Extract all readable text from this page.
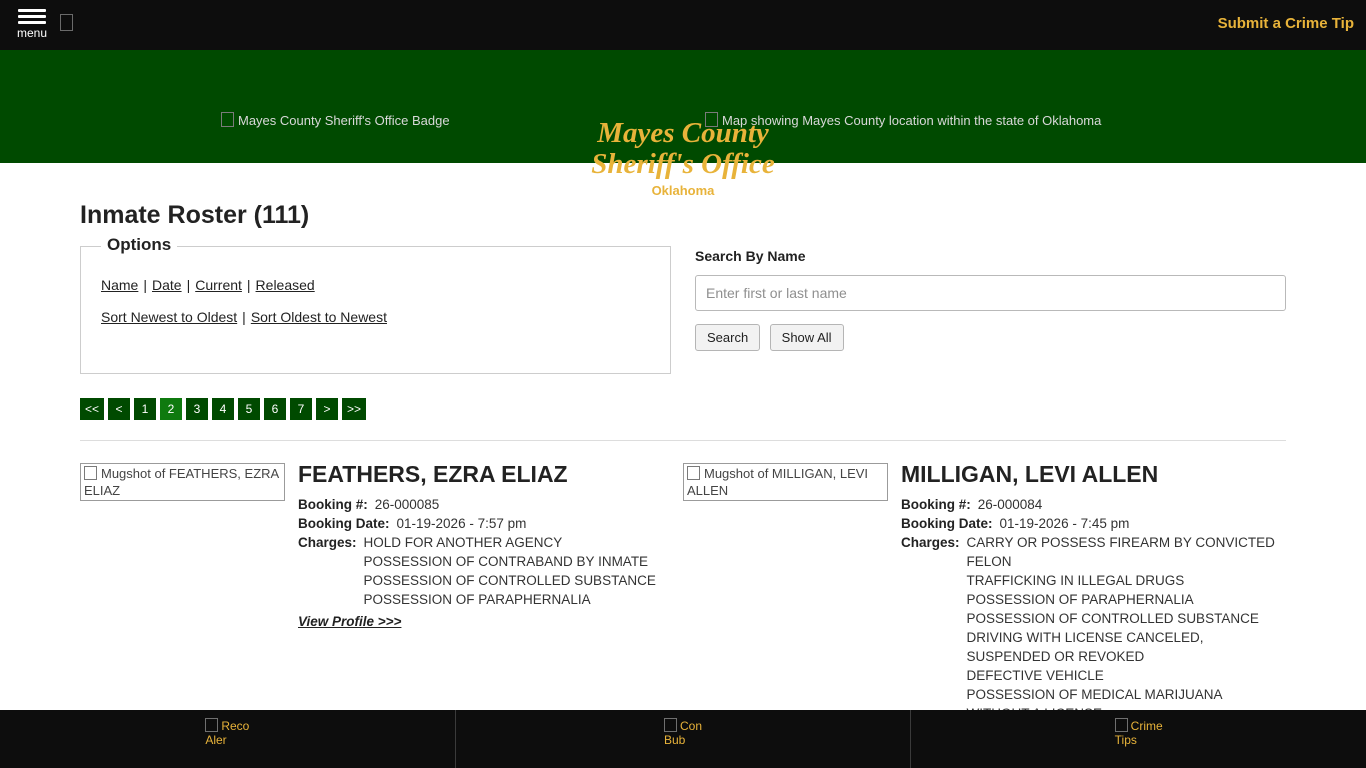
menu
Submit a Crime Tip
Mayes County Sheriff's Office Badge	Map showing Mayes County location within the state of Oklahoma
Mayes County
Sheriff's Office
Oklahoma
Inmate Roster (111)
Options
Name | Date | Current | Released
Sort Newest to Oldest | Sort Oldest to Newest
Search By Name
Enter first or last name
Search	Show All
<<	<	1	2	3	4	5	6	7	>	>>
Mugshot of FEATHERS, EZRA ELIAZ
FEATHERS, EZRA ELIAZ
Booking #: 26-000085
Booking Date: 01-19-2026 - 7:57 pm
Charges: HOLD FOR ANOTHER AGENCY
POSSESSION OF CONTRABAND BY INMATE
POSSESSION OF CONTROLLED SUBSTANCE
POSSESSION OF PARAPHERNALIA
View Profile >>>
Mugshot of MILLIGAN, LEVI ALLEN
MILLIGAN, LEVI ALLEN
Booking #: 26-000084
Booking Date: 01-19-2026 - 7:45 pm
Charges: CARRY OR POSSESS FIREARM BY CONVICTED FELON
TRAFFICKING IN ILLEGAL DRUGS
POSSESSION OF PARAPHERNALIA
POSSESSION OF CONTROLLED SUBSTANCE
DRIVING WITH LICENSE CANCELED, SUSPENDED OR REVOKED
DEFECTIVE VEHICLE
POSSESSION OF MEDICAL MARIJUANA
Reco
Aler
Con
Bub
Crime
Tips
